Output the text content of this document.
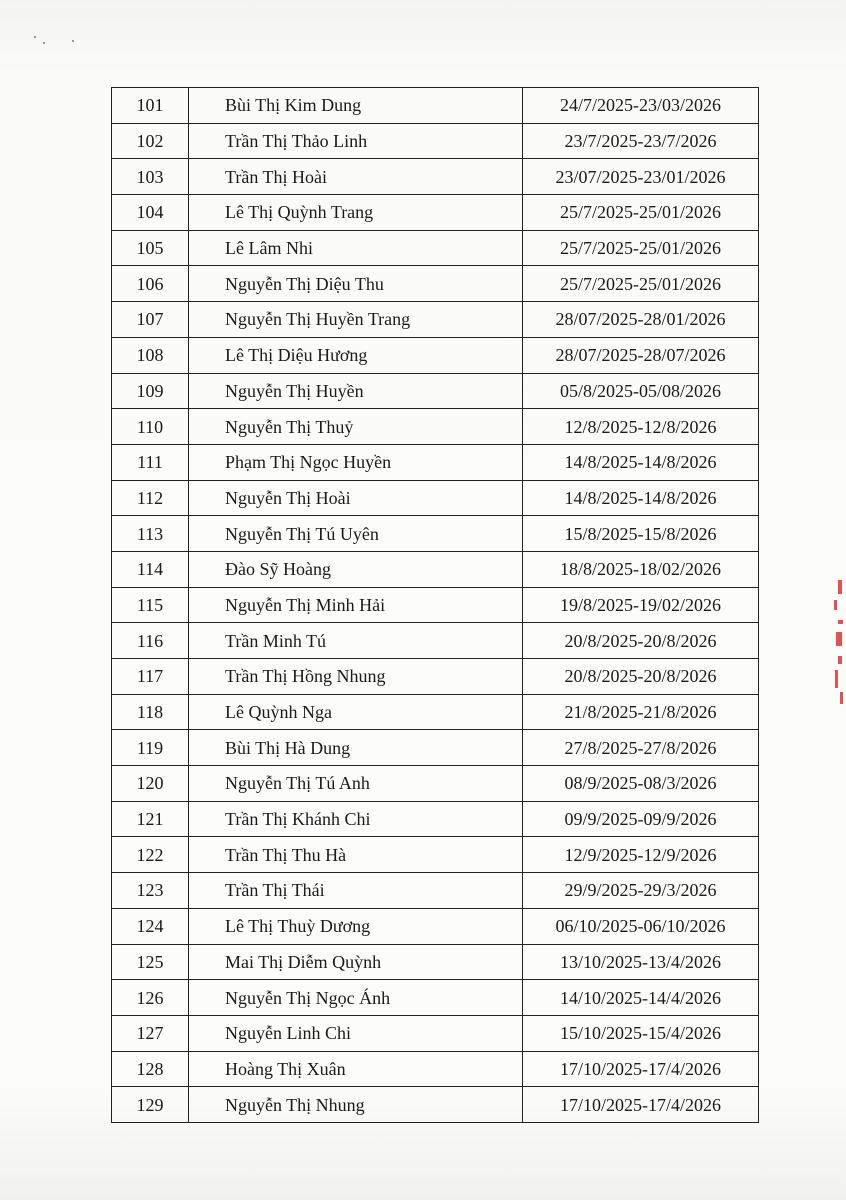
101	Bùi Thị Kim Dung	24/7/2025-23/03/2026
102	Trần Thị Thảo Linh	23/7/2025-23/7/2026
103	Trần Thị Hoài	23/07/2025-23/01/2026
104	Lê Thị Quỳnh Trang	25/7/2025-25/01/2026
105	Lê Lâm Nhi	25/7/2025-25/01/2026
106	Nguyễn Thị Diệu Thu	25/7/2025-25/01/2026
107	Nguyễn Thị Huyền Trang	28/07/2025-28/01/2026
108	Lê Thị Diệu Hương	28/07/2025-28/07/2026
109	Nguyễn Thị Huyền	05/8/2025-05/08/2026
110	Nguyễn Thị Thuỷ	12/8/2025-12/8/2026
111	Phạm Thị Ngọc Huyền	14/8/2025-14/8/2026
112	Nguyễn Thị Hoài	14/8/2025-14/8/2026
113	Nguyễn Thị Tú Uyên	15/8/2025-15/8/2026
114	Đào Sỹ Hoàng	18/8/2025-18/02/2026
115	Nguyễn Thị Minh Hải	19/8/2025-19/02/2026
116	Trần Minh Tú	20/8/2025-20/8/2026
117	Trần Thị Hồng Nhung	20/8/2025-20/8/2026
118	Lê Quỳnh Nga	21/8/2025-21/8/2026
119	Bùi Thị Hà Dung	27/8/2025-27/8/2026
120	Nguyễn Thị Tú Anh	08/9/2025-08/3/2026
121	Trần Thị Khánh Chi	09/9/2025-09/9/2026
122	Trần Thị Thu Hà	12/9/2025-12/9/2026
123	Trần Thị Thái	29/9/2025-29/3/2026
124	Lê Thị Thuỳ Dương	06/10/2025-06/10/2026
125	Mai Thị Diễm Quỳnh	13/10/2025-13/4/2026
126	Nguyễn Thị Ngọc Ánh	14/10/2025-14/4/2026
127	Nguyễn Linh Chi	15/10/2025-15/4/2026
128	Hoàng Thị Xuân	17/10/2025-17/4/2026
129	Nguyễn Thị Nhung	17/10/2025-17/4/2026
